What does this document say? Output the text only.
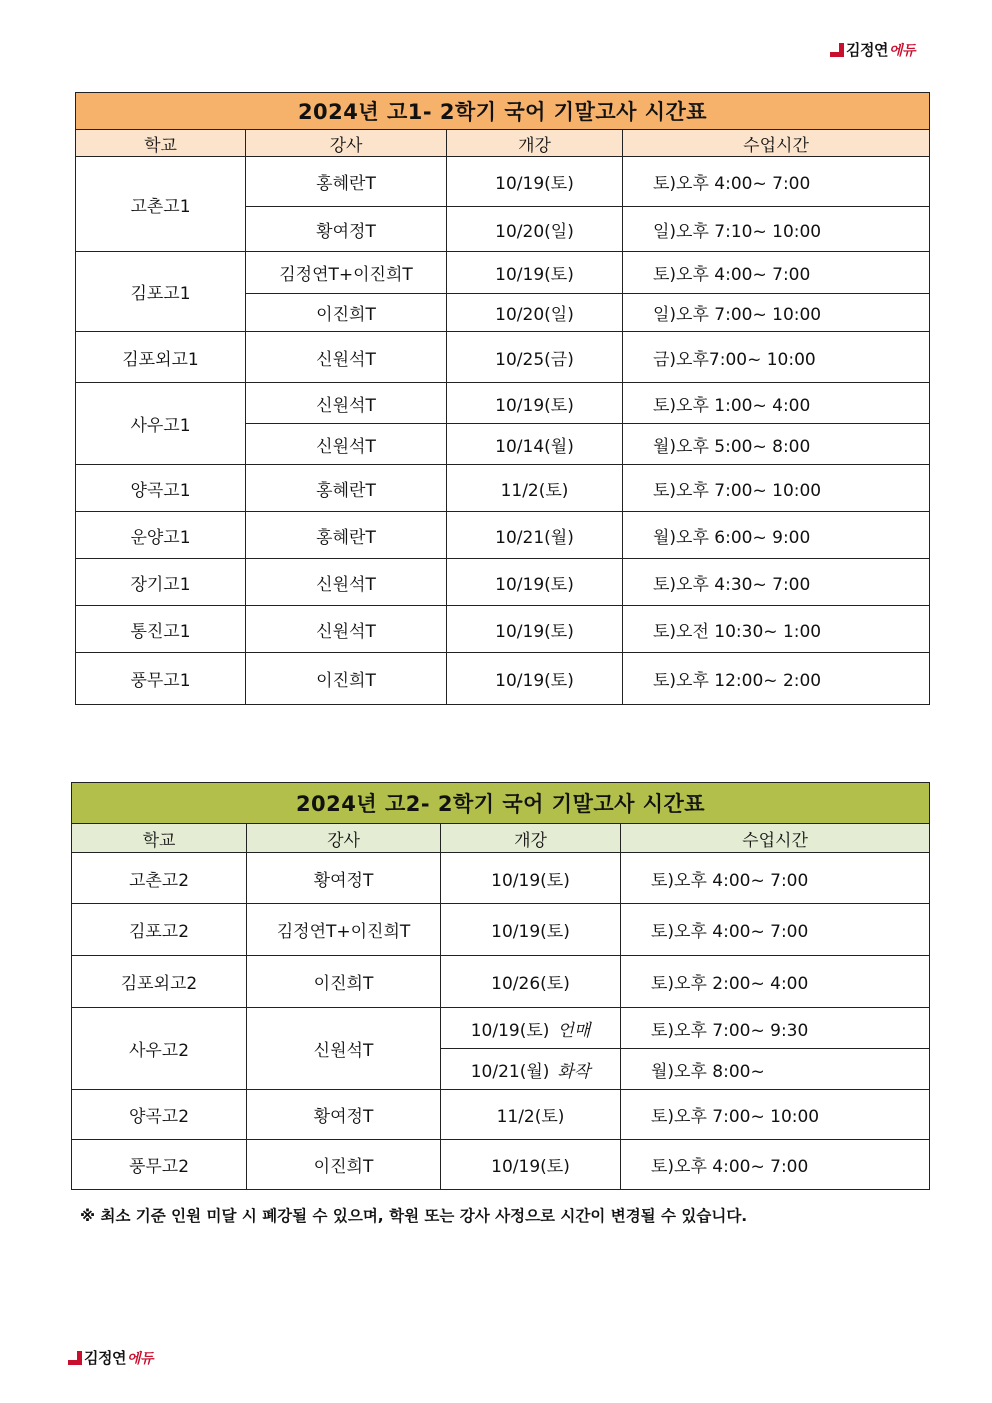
김정연 에듀
2024년 고1- 2학기 국어 기말고사 시간표			
학교	강사	개강	수업시간
고촌고1	홍혜란T	10/19(토)	토)오후 4:00~ 7:00
	황여정T	10/20(일)	일)오후 7:10~ 10:00
김포고1	김정연T+이진희T	10/19(토)	토)오후 4:00~ 7:00
	이진희T	10/20(일)	일)오후 7:00~ 10:00
김포외고1	신원석T	10/25(금)	금)오후7:00~ 10:00
사우고1	신원석T	10/19(토)	토)오후 1:00~ 4:00
	신원석T	10/14(월)	월)오후 5:00~ 8:00
양곡고1	홍혜란T	11/2(토)	토)오후 7:00~ 10:00
운양고1	홍혜란T	10/21(월)	월)오후 6:00~ 9:00
장기고1	신원석T	10/19(토)	토)오후 4:30~ 7:00
통진고1	신원석T	10/19(토)	토)오전 10:30~ 1:00
풍무고1	이진희T	10/19(토)	토)오후 12:00~ 2:00
2024년 고2- 2학기 국어 기말고사 시간표			
학교	강사	개강	수업시간
고촌고2	황여정T	10/19(토)	토)오후 4:00~ 7:00
김포고2	김정연T+이진희T	10/19(토)	토)오후 4:00~ 7:00
김포외고2	이진희T	10/26(토)	토)오후 2:00~ 4:00
사우고2	신원석T	10/19(토) 언매	토)오후 7:00~ 9:30
		10/21(월) 화작	월)오후 8:00~
양곡고2	황여정T	11/2(토)	토)오후 7:00~ 10:00
풍무고2	이진희T	10/19(토)	토)오후 4:00~ 7:00
※ 최소 기준 인원 미달 시 폐강될 수 있으며, 학원 또는 강사 사정으로 시간이 변경될 수 있습니다.
김정연 에듀
